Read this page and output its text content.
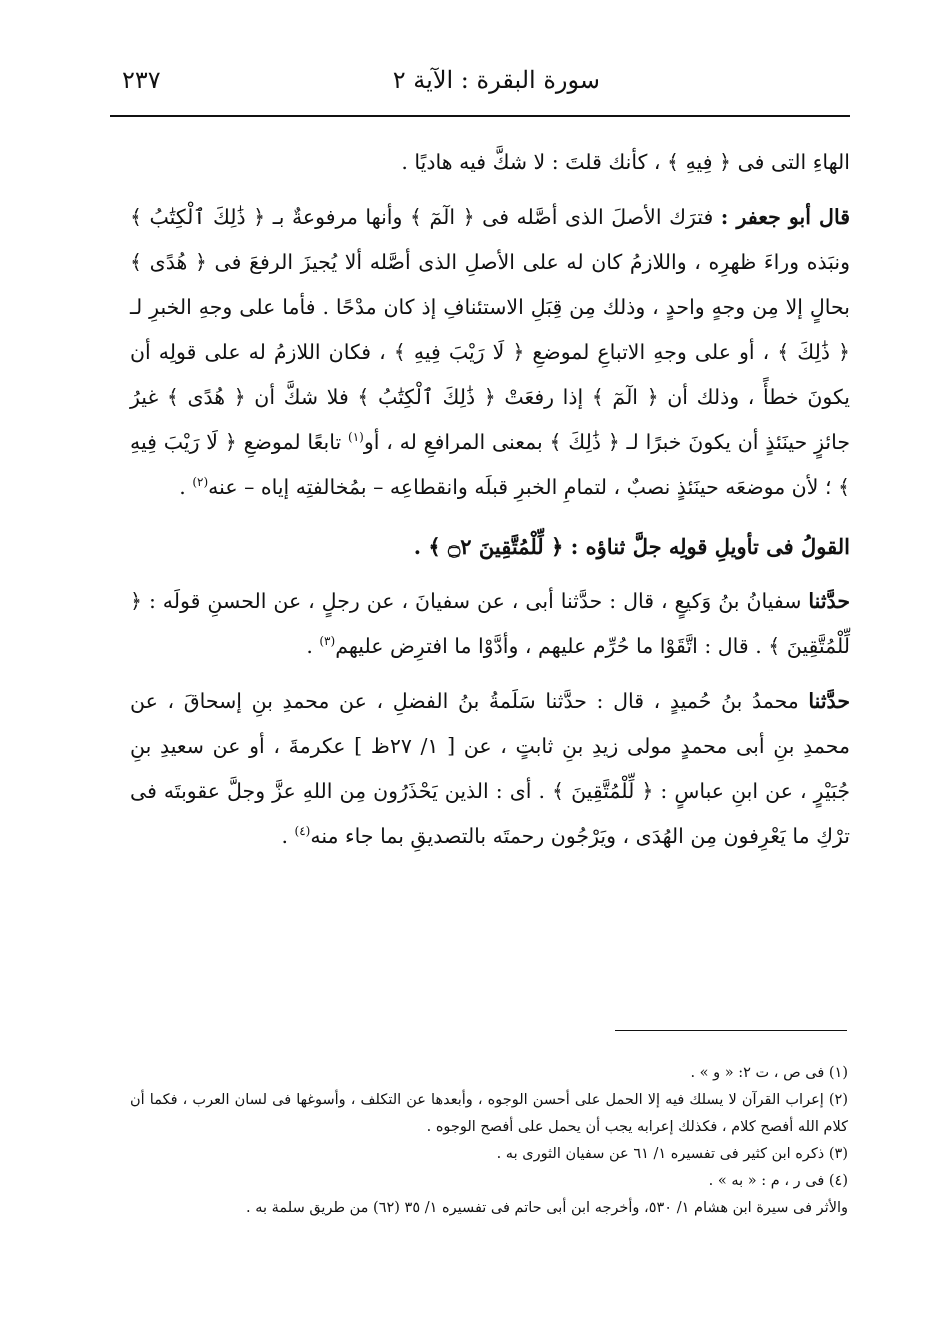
سورة البقرة : الآية ٢
٢٣٧

الهاءِ التى فى ﴿ فِيهِ ﴾ ، كأنك قلتَ : لا شكَّ فيه هاديًا .

قال أبو جعفر : فترَك الأصلَ الذى أصَّله فى ﴿ الٓمٓ ﴾ وأنها مرفوعةٌ بـ ﴿ ذَٰلِكَ ٱلْكِتَٰبُ ﴾ ونبَذه وراءَ ظهرِه ، واللازمُ كان له على الأصلِ الذى أصَّله ألا يُجيزَ الرفعَ فى ﴿ هُدًى ﴾ بحالٍ إلا مِن وجهٍ واحدٍ ، وذلك مِن قِبَلِ الاستئنافِ إذ كان مدْحًا . فأما على وجهِ الخبرِ لـ ﴿ ذَٰلِكَ ﴾ ، أو على وجهِ الاتباعِ لموضعِ ﴿ لَا رَيْبَ فِيهِ ﴾ ، فكان اللازمُ له على قولِه أن يكونَ خطأً ، وذلك أن ﴿ الٓمٓ ﴾ إذا رفعَتْ ﴿ ذَٰلِكَ ٱلْكِتَٰبُ ﴾ فلا شكَّ أن ﴿ هُدًى ﴾ غيرُ جائزٍ حينَئذٍ أن يكونَ خبرًا لـ ﴿ ذَٰلِكَ ﴾ بمعنى المرافعِ له ، أو$^{(١)}$ تابعًا لموضعِ ﴿ لَا رَيْبَ فِيهِ ﴾ ؛ لأن موضعَه حينَئذٍ نصبٌ ، لتمامِ الخبرِ قبلَه وانقطاعِه – بمُخالفتِه إياه – عنه$^{(٢)}$ .

القولُ فى تأويلِ قولِه جلَّ ثناؤه : ﴿ لِّلْمُتَّقِينَ ۝٢ ﴾ .

حدَّثنا سفيانُ بنُ وَكيعٍ ، قال : حدَّثنا أبى ، عن سفيانَ ، عن رجلٍ ، عن الحسنِ قولَه : ﴿ لِّلْمُتَّقِينَ ﴾ . قال : اتَّقَوْا ما حُرِّم عليهم ، وأدَّوْا ما افترِض عليهم$^{(٣)}$ .

حدَّثنا محمدُ بنُ حُميدٍ ، قال : حدَّثنا سَلَمةُ بنُ الفضلِ ، عن محمدِ بنِ إسحاقَ ، عن محمدِ بنِ أبى محمدٍ مولى زيدِ بنِ ثابتٍ ، عن [ ١/ ٢٧ظ ] عكرمةَ ، أو عن سعيدِ بنِ جُبَيْرٍ ، عن ابنِ عباسٍ : ﴿ لِّلْمُتَّقِينَ ﴾ . أى : الذين يَحْذَرُون مِن اللهِ عزَّ وجلَّ عقوبتَه فى ترْكِ ما يَعْرِفون مِن الهُدَى ، ويَرْجُون رحمتَه بالتصديقِ بما جاء منه$^{(٤)}$ .

(١) فى ص ، ت ٢: « و » .

(٢) إعراب القرآن لا يسلك فيه إلا الحمل على أحسن الوجوه ، وأبعدها عن التكلف ، وأسوغها فى لسان العرب ، فكما أن كلام الله أفصح كلام ، فكذلك إعرابه يجب أن يحمل على أفصح الوجوه .

(٣) ذكره ابن كثير فى تفسيره ١/ ٦١ عن سفيان الثورى به .

(٤) فى ر ، م : « به » .

والأثر فى سيرة ابن هشام ١/ ٥٣٠، وأخرجه ابن أبى حاتم فى تفسيره ١/ ٣٥ (٦٢) من طريق سلمة به .
